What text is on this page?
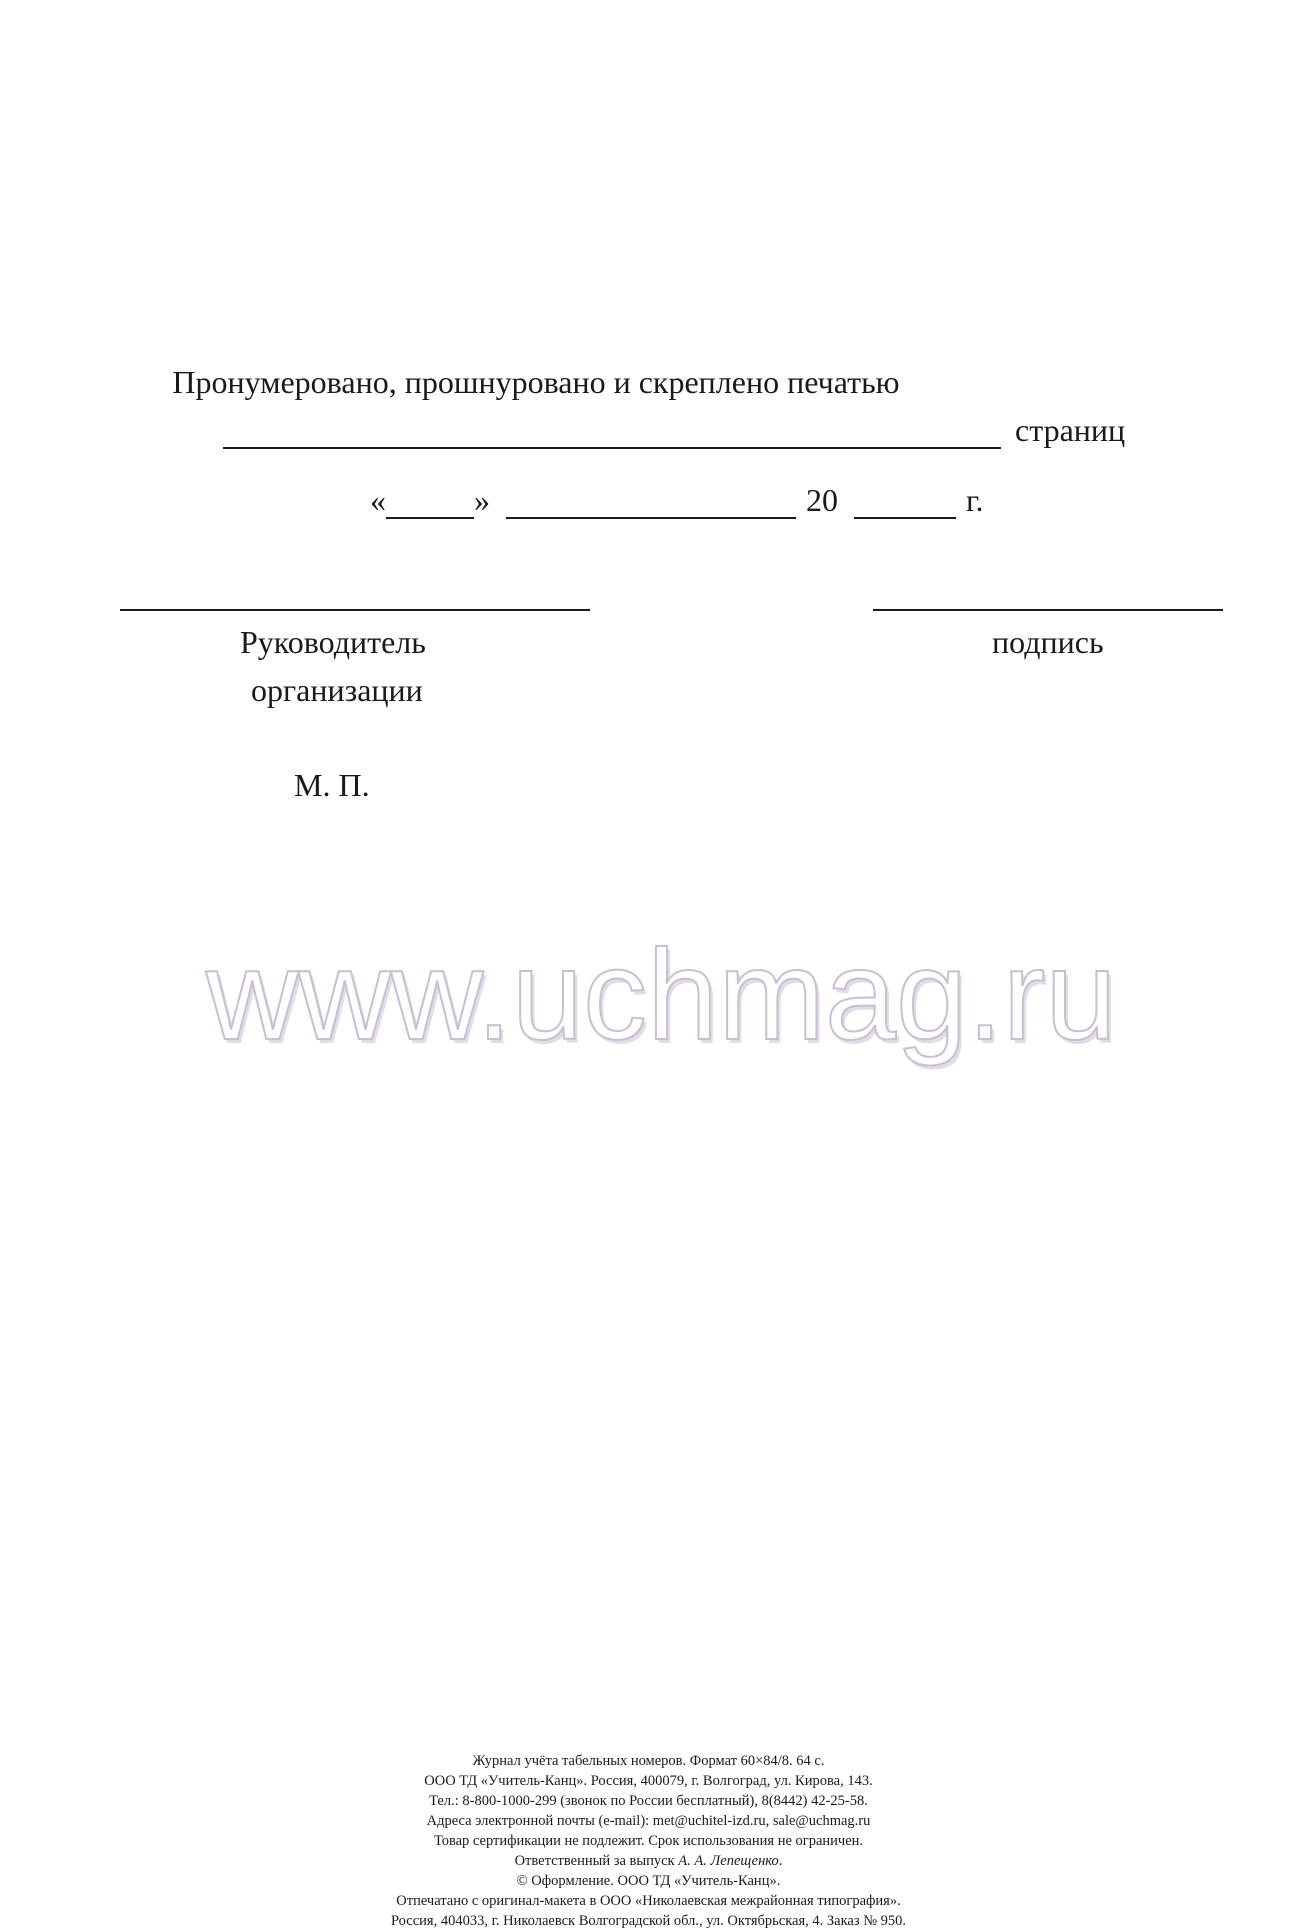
Пронумеровано, прошнуровано и скреплено печатью
страниц
«	»	20	г.
Руководитель
организации
подпись
М. П.
www.uchmag.ru
Журнал учёта табельных номеров. Формат 60×84/8. 64 с.
ООО ТД «Учитель-Канц». Россия, 400079, г. Волгоград, ул. Кирова, 143.
Тел.: 8-800-1000-299 (звонок по России бесплатный), 8(8442) 42-25-58.
Адреса электронной почты (e-mail): met@uchitel-izd.ru, sale@uchmag.ru
Товар сертификации не подлежит. Срок использования не ограничен.
Ответственный за выпуск А. А. Лепещенко.
© Оформление. ООО ТД «Учитель-Канц».
Отпечатано с оригинал-макета в ООО «Николаевская межрайонная типография».
Россия, 404033, г. Николаевск Волгоградской обл., ул. Октябрьская, 4. Заказ № 950.
